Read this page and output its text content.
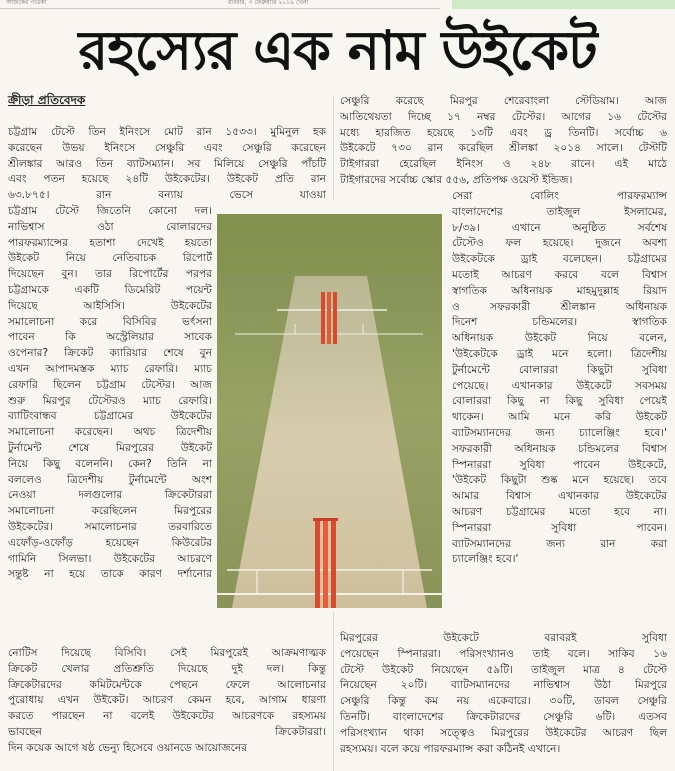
আজকের পত্রিকা	রবিবার, ৩ ফেব্রুয়ারি ২০১৯ খেলা
রহস্যের এক নাম উইকেট
ক্রীড়া প্রতিবেদক
চট্টগ্রাম টেস্টে তিন ইনিংসে মোট রান ১৫৩৩। মুমিনুল হক
করেছেন উভয় ইনিংসে সেঞ্চুরি এবং সেঞ্চুরি করেছেন
শ্রীলঙ্কার আরও তিন ব্যাটসম্যান। সব মিলিয়ে সেঞ্চুরি পাঁচটি
এবং পতন হয়েছে ২৪টি উইকেটের। উইকেট প্রতি রান
৬৩.৮৭৫। রান বন্যায় ভেসে যাওয়া
চট্টগ্রাম টেস্টে জিতেনি কোনো দল।
নাভিশ্বাস ওঠা বোলারদের
পারফরম্যান্সের হতাশা দেখেই হয়তো
উইকেট নিয়ে নেতিবাচক রিপোর্ট
দিয়েছেন বুন। তার রিপোর্টের পরপর
চট্টগ্রামকে একটি ডিমেরিট পয়েন্ট
দিয়েছে আইসিসি। উইকেটের
সমালোচনা করে বিসিবির ভর্ৎসনা
পাবেন কি অস্ট্রেলিয়ার সাবেক
ওপেনার? ক্রিকেট ক্যারিয়ার শেষে বুন
এখন আপাদমস্তক ম্যাচ রেফারি। ম্যাচ
রেফারি ছিলেন চট্টগ্রাম টেস্টের। আজ
শুরু মিরপুর টেস্টেরও ম্যাচ রেফারি।
ব্যাটিংবান্ধব চট্টগ্রামের উইকেটের
সমালোচনা করেছেন। অথচ ত্রিদেশীয়
টুর্নামেন্ট শেষে মিরপুরের উইকেট
নিয়ে কিছু বলেননি। কেন? তিনি না
বললেও ত্রিদেশীয় টুর্নামেন্টে অংশ
নেওয়া দলগুলোর ক্রিকেটাররা
সমালোচনা করেছিলেন মিরপুরের
উইকেটের। সমালোচনার তরবারিতে
এফোঁড়-ওফোঁড় হয়েছেন কিউরেটর
গামিনি সিলভা। উইকেটের আচরণে
সন্তুষ্ট না হয়ে তাকে কারণ দর্শানোর
নোটিস দিয়েছে বিসিবি। সেই মিরপুরেই আক্রমণাত্মক
ক্রিকেট খেলার প্রতিশ্রুতি দিয়েছে দুই দল। কিন্তু
ক্রিকেটারদের কমিটমেন্টকে পেছনে ফেলে আলোচনার
পুরোধায় এখন উইকেট। আচরণ কেমন হবে, আগাম ধারণা
করতে পারছেন না বলেই উইকেটের আচরণকে রহস্যময়
ভাবছেন ক্রিকেটাররা।
দিন কয়েক আগে ষষ্ঠ ভেন্যু হিসেবে ওয়ানডে আয়োজনের
সেঞ্চুরি করেছে মিরপুর শেরেবাংলা স্টেডিয়াম। আজ
আতিথেয়তা দিচ্ছে ১৭ নম্বর টেস্টের। আগের ১৬ টেস্টের
মধ্যে হারজিত হয়েছে ১৩টি এবং ড্র তিনটি। সর্বোচ্চ ৬
উইকেটে ৭৩০ রান করেছিল শ্রীলঙ্কা ২০১৪ সালে। টেস্টটি
টাইগাররা হেরেছিল ইনিংস ও ২৪৮ রানে। এই মাঠে
টাইগারদের সর্বোচ্চ স্কোর ৫৫৬, প্রতিপক্ষ ওয়েস্ট ইন্ডিজ।
সেরা বোলিং পারফরম্যান্স
বাংলাদেশের তাইজুল ইসলামের,
৮/৩৯। এখানে অনুষ্ঠিত সর্বশেষ
টেস্টেও ফল হয়েছে। দুজনে অবশ্য
উইকেটকে ড্রাই বলেছেন। চট্টগ্রামের
মতোই আচরণ করবে বলে বিশ্বাস
স্বাগতিক অধিনায়ক মাহমুদুল্লাহ রিয়াদ
ও সফরকারী শ্রীলঙ্কান অধিনায়ক
দিনেশ চন্ডিমলের। স্বাগতিক
অধিনায়ক উইকেট নিয়ে বলেন,
'উইকেটকে ড্রাই মনে হলো। ত্রিদেশীয়
টুর্নামেন্টে বোলাররা কিছুটা সুবিধা
পেয়েছে। এখানকার উইকেটে সবসময়
বোলাররা কিছু না কিছু সুবিধা পেয়েই
থাকেন। আমি মনে করি উইকেট
ব্যাটসম্যানদের জন্য চ্যালেঞ্জিং হবে।'
সফরকারী অধিনায়ক চন্ডিমলের বিশ্বাস
স্পিনাররা সুবিধা পাবেন উইকেটে,
'উইকেট কিছুটা শুষ্ক মনে হয়েছে। তবে
আমার বিশ্বাস এখানকার উইকেটের
আচরণ চট্টগ্রামের মতো হবে না।
স্পিনাররা সুবিধা পাবেন।
ব্যাটসম্যানদের জন্য রান করা
চ্যালেঞ্জিং হবে।'
মিরপুরের উইকেটে বরাবরই সুবিধা
পেয়েছেন স্পিনাররা। পরিসংখ্যানও তাই বলে। সাকিব ১৬
টেস্টে উইকেট নিয়েছেন ৫৯টি। তাইজুল মাত্র ৪ টেস্টে
নিয়েছেন ২০টি। ব্যাটসম্যানদের নাভিশ্বাস উঠা মিরপুরে
সেঞ্চুরি কিন্তু কম নয় একেবারে। ৩০টি, ডাবল সেঞ্চুরি
তিনটি। বাংলাদেশের ক্রিকেটারদের সেঞ্চুরি ৬টি। এতসব
পরিসংখ্যান থাকা সত্ত্বেও মিরপুরের উইকেটের আচরণ ছিল
রহস্যময়। বলে কয়ে পারফরম্যান্স করা কঠিনই এখানে।
